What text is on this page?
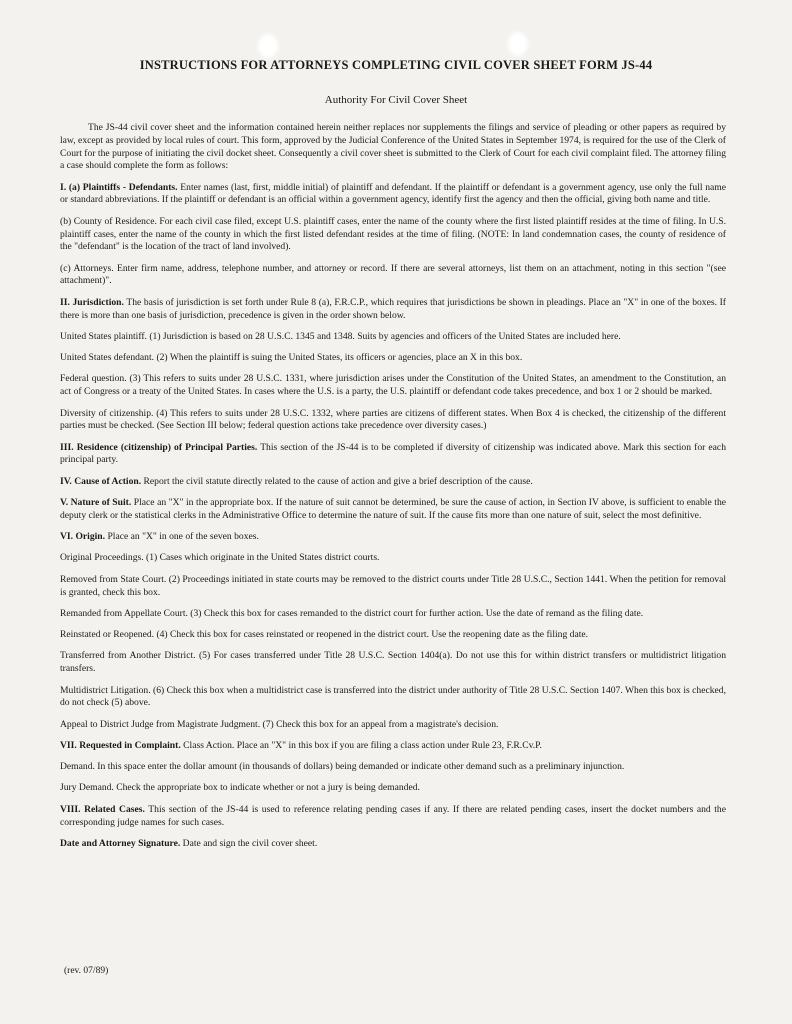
INSTRUCTIONS FOR ATTORNEYS COMPLETING CIVIL COVER SHEET FORM JS-44
Authority For Civil Cover Sheet

The JS-44 civil cover sheet and the information contained herein neither replaces nor supplements the filings and service of pleading or other papers as required by law, except as provided by local rules of court. This form, approved by the Judicial Conference of the United States in September 1974, is required for the use of the Clerk of Court for the purpose of initiating the civil docket sheet. Consequently a civil cover sheet is submitted to the Clerk of Court for each civil complaint filed. The attorney filing a case should complete the form as follows:

I. (a) Plaintiffs - Defendants. Enter names (last, first, middle initial) of plaintiff and defendant. If the plaintiff or defendant is a government agency, use only the full name or standard abbreviations. If the plaintiff or defendant is an official within a government agency, identify first the agency and then the official, giving both name and title.

(b) County of Residence. For each civil case filed, except U.S. plaintiff cases, enter the name of the county where the first listed plaintiff resides at the time of filing. In U.S. plaintiff cases, enter the name of the county in which the first listed defendant resides at the time of filing. (NOTE: In land condemnation cases, the county of residence of the "defendant" is the location of the tract of land involved).

(c) Attorneys. Enter firm name, address, telephone number, and attorney or record. If there are several attorneys, list them on an attachment, noting in this section "(see attachment)".

II. Jurisdiction. The basis of jurisdiction is set forth under Rule 8 (a), F.R.C.P., which requires that jurisdictions be shown in pleadings. Place an "X" in one of the boxes. If there is more than one basis of jurisdiction, precedence is given in the order shown below.

United States plaintiff. (1) Jurisdiction is based on 28 U.S.C. 1345 and 1348. Suits by agencies and officers of the United States are included here.

United States defendant. (2) When the plaintiff is suing the United States, its officers or agencies, place an X in this box.

Federal question. (3) This refers to suits under 28 U.S.C. 1331, where jurisdiction arises under the Constitution of the United States, an amendment to the Constitution, an act of Congress or a treaty of the United States. In cases where the U.S. is a party, the U.S. plaintiff or defendant code takes precedence, and box 1 or 2 should be marked.

Diversity of citizenship. (4) This refers to suits under 28 U.S.C. 1332, where parties are citizens of different states. When Box 4 is checked, the citizenship of the different parties must be checked. (See Section III below; federal question actions take precedence over diversity cases.)

III. Residence (citizenship) of Principal Parties. This section of the JS-44 is to be completed if diversity of citizenship was indicated above. Mark this section for each principal party.

IV. Cause of Action. Report the civil statute directly related to the cause of action and give a brief description of the cause.

V. Nature of Suit. Place an "X" in the appropriate box. If the nature of suit cannot be determined, be sure the cause of action, in Section IV above, is sufficient to enable the deputy clerk or the statistical clerks in the Administrative Office to determine the nature of suit. If the cause fits more than one nature of suit, select the most definitive.

VI. Origin. Place an "X" in one of the seven boxes.

Original Proceedings. (1) Cases which originate in the United States district courts.

Removed from State Court. (2) Proceedings initiated in state courts may be removed to the district courts under Title 28 U.S.C., Section 1441. When the petition for removal is granted, check this box.

Remanded from Appellate Court. (3) Check this box for cases remanded to the district court for further action. Use the date of remand as the filing date.

Reinstated or Reopened. (4) Check this box for cases reinstated or reopened in the district court. Use the reopening date as the filing date.

Transferred from Another District. (5) For cases transferred under Title 28 U.S.C. Section 1404(a). Do not use this for within district transfers or multidistrict litigation transfers.

Multidistrict Litigation. (6) Check this box when a multidistrict case is transferred into the district under authority of Title 28 U.S.C. Section 1407. When this box is checked, do not check (5) above.

Appeal to District Judge from Magistrate Judgment. (7) Check this box for an appeal from a magistrate's decision.

VII. Requested in Complaint. Class Action. Place an "X" in this box if you are filing a class action under Rule 23, F.R.Cv.P.

Demand. In this space enter the dollar amount (in thousands of dollars) being demanded or indicate other demand such as a preliminary injunction.

Jury Demand. Check the appropriate box to indicate whether or not a jury is being demanded.

VIII. Related Cases. This section of the JS-44 is used to reference relating pending cases if any. If there are related pending cases, insert the docket numbers and the corresponding judge names for such cases.

Date and Attorney Signature. Date and sign the civil cover sheet.

(rev. 07/89)
